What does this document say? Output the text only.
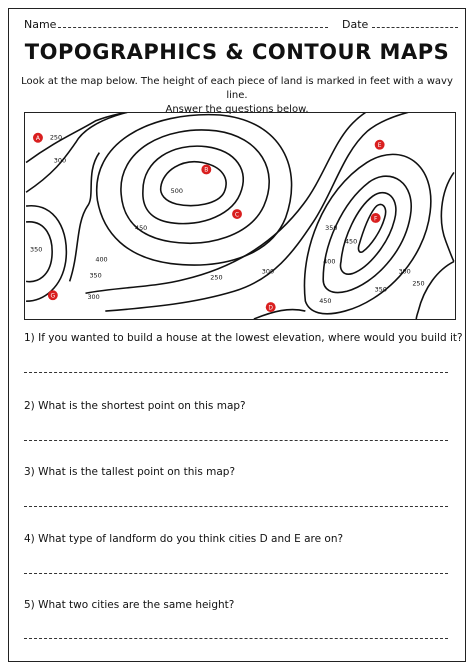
Name	Date
TOPOGRAPHICS & CONTOUR MAPS
Look at the map below. The height of each piece of land is marked in feet with a wavy line.
Answer the questions below.
250
300
500
450
400
350
350
300
250
300
450
400
350
300
450
350
250
A
B
C
D
E
F
G
1) If you wanted to build a house at the lowest elevation, where would you build it?
2) What is the shortest point on this map?
3) What is the tallest point on this map?
4) What type of landform do you think cities D and E are on?
5) What two cities are the same height?
